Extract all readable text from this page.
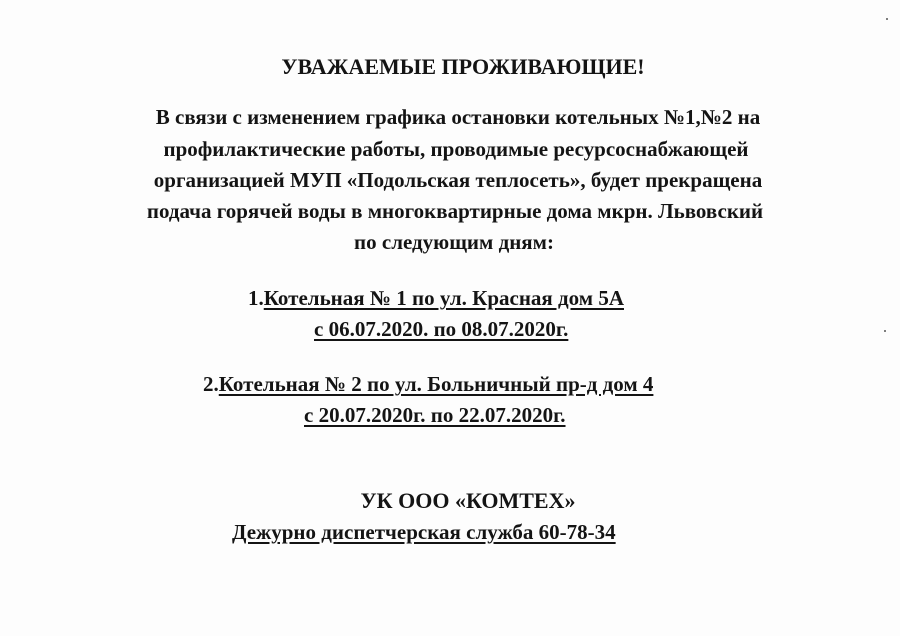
УВАЖАЕМЫЕ ПРОЖИВАЮЩИЕ!
В связи с изменением графика остановки котельных №1,№2 на
профилактические работы, проводимые ресурсоснабжающей
организацией МУП «Подольская теплосеть», будет прекращена
подача горячей воды в многоквартирные дома мкрн. Львовский
по следующим дням:
1.Котельная № 1 по ул. Красная дом 5А
с 06.07.2020. по 08.07.2020г.
2.Котельная № 2 по ул. Больничный пр-д дом 4
с 20.07.2020г. по 22.07.2020г.
УК ООО «КОМТЕХ»
Дежурно диспетчерская служба 60-78-34
